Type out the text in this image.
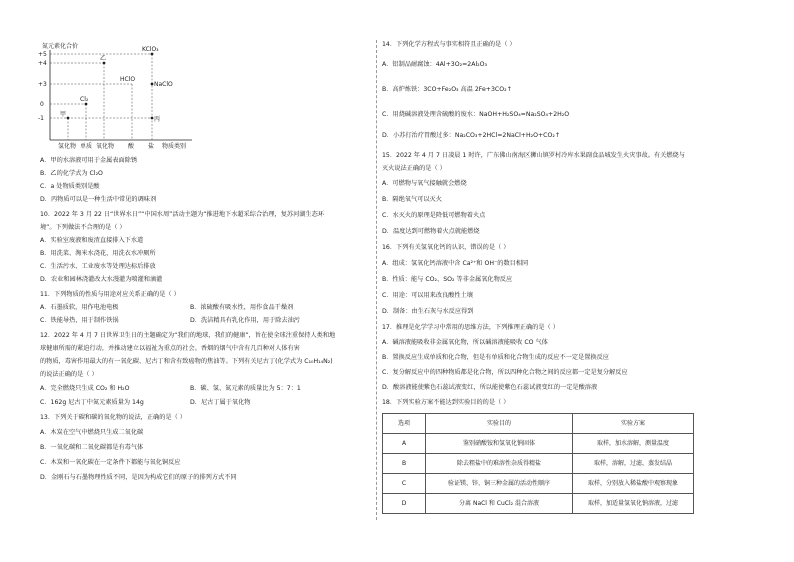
氮元素化合价
+5
+4
+3
0
-1
KClO₃
乙
HClO
NaClO
Cl₂
甲
丙
氢化物 单质 氧化物 酸 盐 物质类别
A．甲的水溶液可用于金属表面除锈
B．乙的化学式为 Cl₂O
C．a 处物质类别是酸
D．丙物质可以是一种生活中常见的调味剂
10．2022 年 3 月 22 日“世界水日”“中国水周”活动主题为“推进地下水超采综合治理，复苏河湖生态环
境”。下列做法不合理的是（ ）
A．实验室废液和废渣直接排入下水道
B．用洗菜、淘米水浇花，用洗衣水冲厕所
C．生活污水、工业废水等处理达标后排放
D．农业和园林浇灌改大水漫灌为喷灌和滴灌
11．下列物质的性质与用途对应关系正确的是（ ）
A．石墨质软，用作电池电极	B．浓硫酸有吸水性，用作食品干燥剂
C．铁能导热，用于制作铁锅	D．洗洁精具有乳化作用，用于除去油污
12．2022 年 4 月 7 日世界卫生日的主题确定为“我们的地球，我们的健康”，旨在使全球注重保持人类和地
球健康所需的紧迫行动，并推动建立以福祉为重点的社会。香烟的烟气中含有几百种对人体有害
的物质，毒害作用最大的有一氧化碳、尼古丁和含有致癌物的焦油等。下列有关尼古丁(化学式为 C₁₀H₁₄N₂)
的说法正确的是（ ）
A．完全燃烧只生成 CO₂ 和 H₂O	B．碳、氢、氮元素的质量比为 5：7：1
C．162g 尼古丁中氮元素质量为 14g	D．尼古丁属于氧化物
13．下列关于碳和碳的氧化物的说法，正确的是（ ）
A．木炭在空气中燃烧只生成二氧化碳
B．一氧化碳和二氧化碳都是有毒气体
C．木炭和一氧化碳在一定条件下都能与氧化铜反应
D．金刚石与石墨物理性质不同，是因为构成它们的原子的排列方式不同
14．下列化学方程式与事实相符且正确的是（ ）
A．铝制品耐腐蚀：4Al+3O₂=2Al₂O₃
B．高炉炼铁：3CO+Fe₂O₃ 高温 2Fe+3CO₂↑
C．用烧碱溶液处理含硫酸的废水：NaOH+H₂SO₄=Na₂SO₄+2H₂O
D．小苏打治疗胃酸过多：Na₂CO₃+2HCl=2NaCl+H₂O+CO₂↑
15．2022 年 4 月 7 日凌晨 1 时许，广东佛山南海区狮山镇罗村冷库水果副食品城发生火灾事故。有关燃烧与
灭火说法正确的是（ ）
A．可燃物与氧气接触就会燃烧
B．隔绝氧气可以灭火
C．水灭火的原理是降低可燃物着火点
D．温度达到可燃物着火点就能燃烧
16．下列有关氢氧化钙的认识，错误的是（ ）
A．组成：氢氧化钙溶液中含 Ca²⁺和 OH⁻的数目相同
B．性质：能与 CO₂、SO₂ 等非金属氧化物反应
C．用途：可以用来改良酸性土壤
D．制备：由生石灰与水反应得到
17．推理是化学学习中常用的思维方法，下列推理正确的是（ ）
A．碱溶液能吸收非金属氧化物，所以碱溶液能吸收 CO 气体
B．置换反应生成单质和化合物，但是有单质和化合物生成的反应不一定是置换反应
C．复分解反应中的四种物质都是化合物，所以四种化合物之间的反应都一定是复分解反应
D．酸溶液能使紫色石蕊试液变红，所以能使紫色石蕊试液变红的一定是酸溶液
18．下列实验方案不能达到实验目的的是（ ）
选项	实验目的	实验方案
A	鉴别硝酸铵和氢氧化钠固体	取样，加水溶解，测量温度
B	除去粗盐中的难溶性杂质得精盐	取样，溶解，过滤，蒸发结晶
C	验证镁、锌、铜三种金属的活动性顺序	取样，分别放入稀盐酸中观察现象
D	分离 NaCl 和 CuCl₂ 混合溶液	取样，加适量氢氧化钠溶液，过滤
